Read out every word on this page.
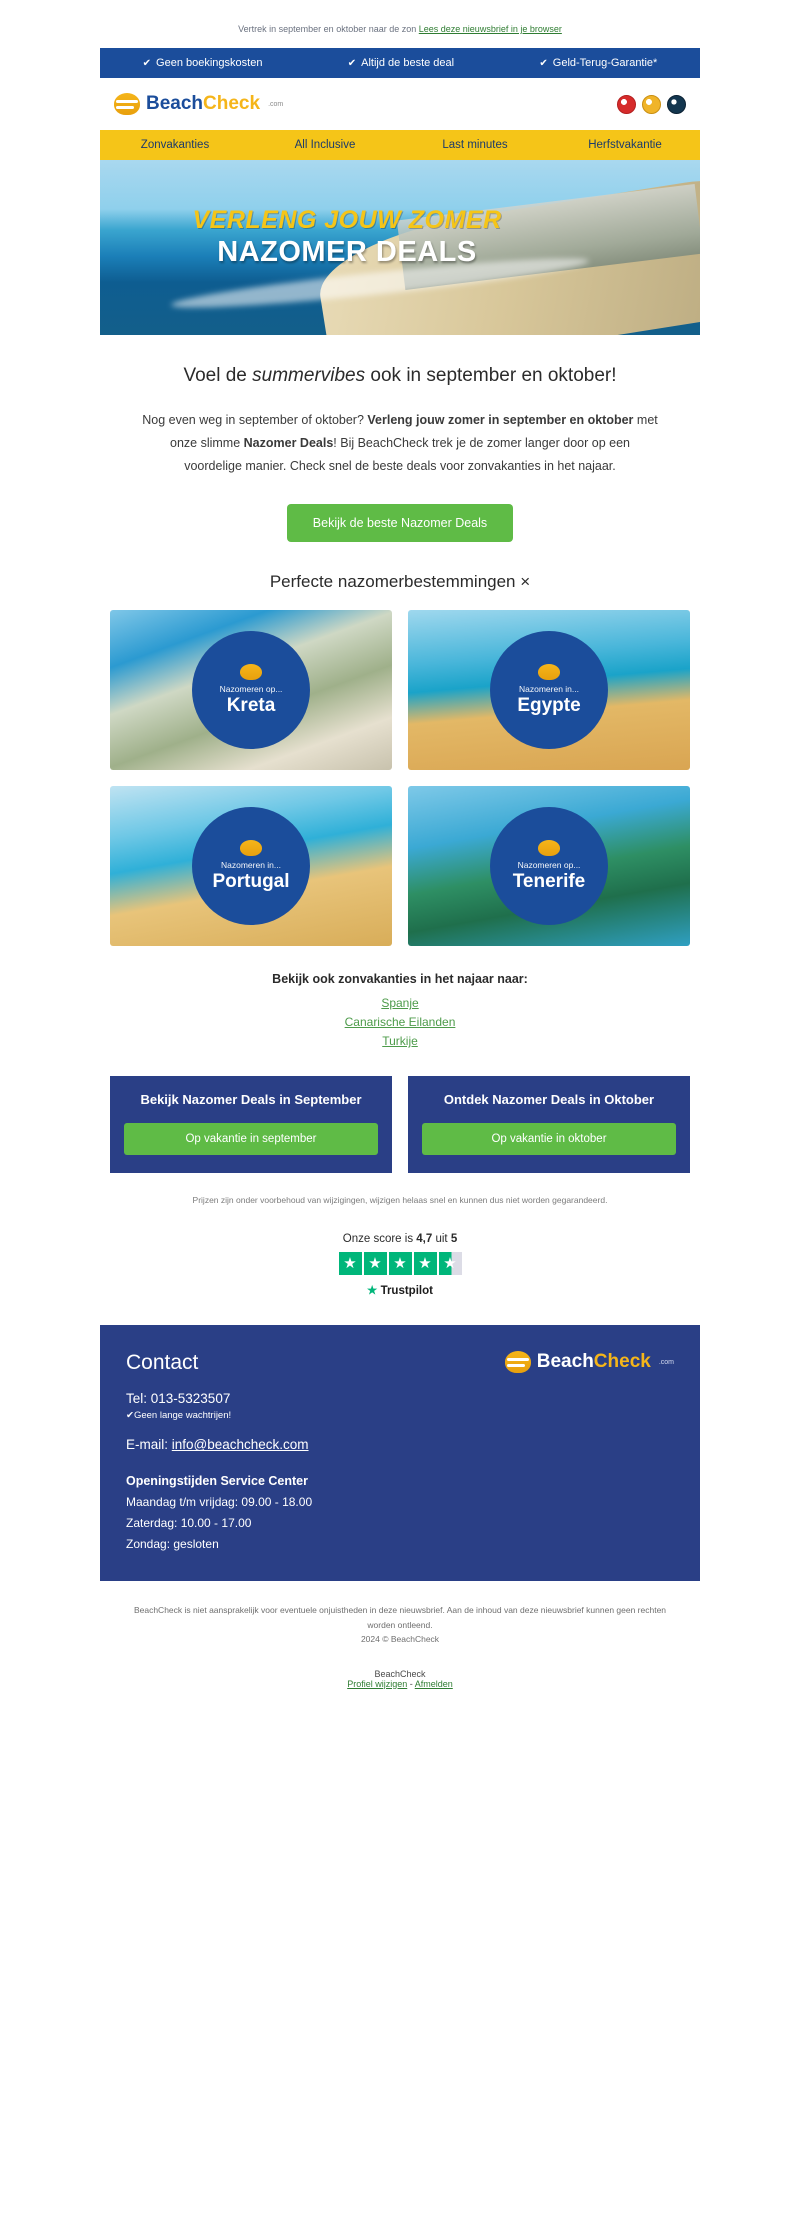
Vertrek in september en oktober naar de zon Lees deze nieuwsbrief in je browser
✔ Geen boekingskosten	✔ Altijd de beste deal	✔ Geld-Terug-Garantie*
BeachCheck .com
Zonvakanties	All Inclusive	Last minutes	Herfstvakantie
VERLENG JOUW ZOMER
NAZOMER DEALS
Voel de summervibes ook in september en oktober!
Nog even weg in september of oktober? Verleng jouw zomer in september en oktober met onze slimme Nazomer Deals! Bij BeachCheck trek je de zomer langer door op een voordelige manier. Check snel de beste deals voor zonvakanties in het najaar.
Bekijk de beste Nazomer Deals
Perfecte nazomerbestemmingen ×
Nazomeren op...
Kreta
Nazomeren in...
Egypte
Nazomeren in...
Portugal
Nazomeren op...
Tenerife
Bekijk ook zonvakanties in het najaar naar:
Spanje
Canarische Eilanden
Turkije
Bekijk Nazomer Deals in September
Op vakantie in september
Ontdek Nazomer Deals in Oktober
Op vakantie in oktober
Prijzen zijn onder voorbehoud van wijzigingen, wijzigen helaas snel en kunnen dus niet worden gegarandeerd.
Onze score is 4,7 uit 5
★ ★ ★ ★ ★
★ Trustpilot
Contact	BeachCheck .com
Tel: 013-5323507
✔Geen lange wachtrijen!
E-mail: info@beachcheck.com
Openingstijden Service Center
Maandag t/m vrijdag: 09.00 - 18.00
Zaterdag: 10.00 - 17.00
Zondag: gesloten
BeachCheck is niet aansprakelijk voor eventuele onjuistheden in deze nieuwsbrief. Aan de inhoud van deze nieuwsbrief kunnen geen rechten worden ontleend.
2024 © BeachCheck
BeachCheck
Profiel wijzigen - Afmelden
